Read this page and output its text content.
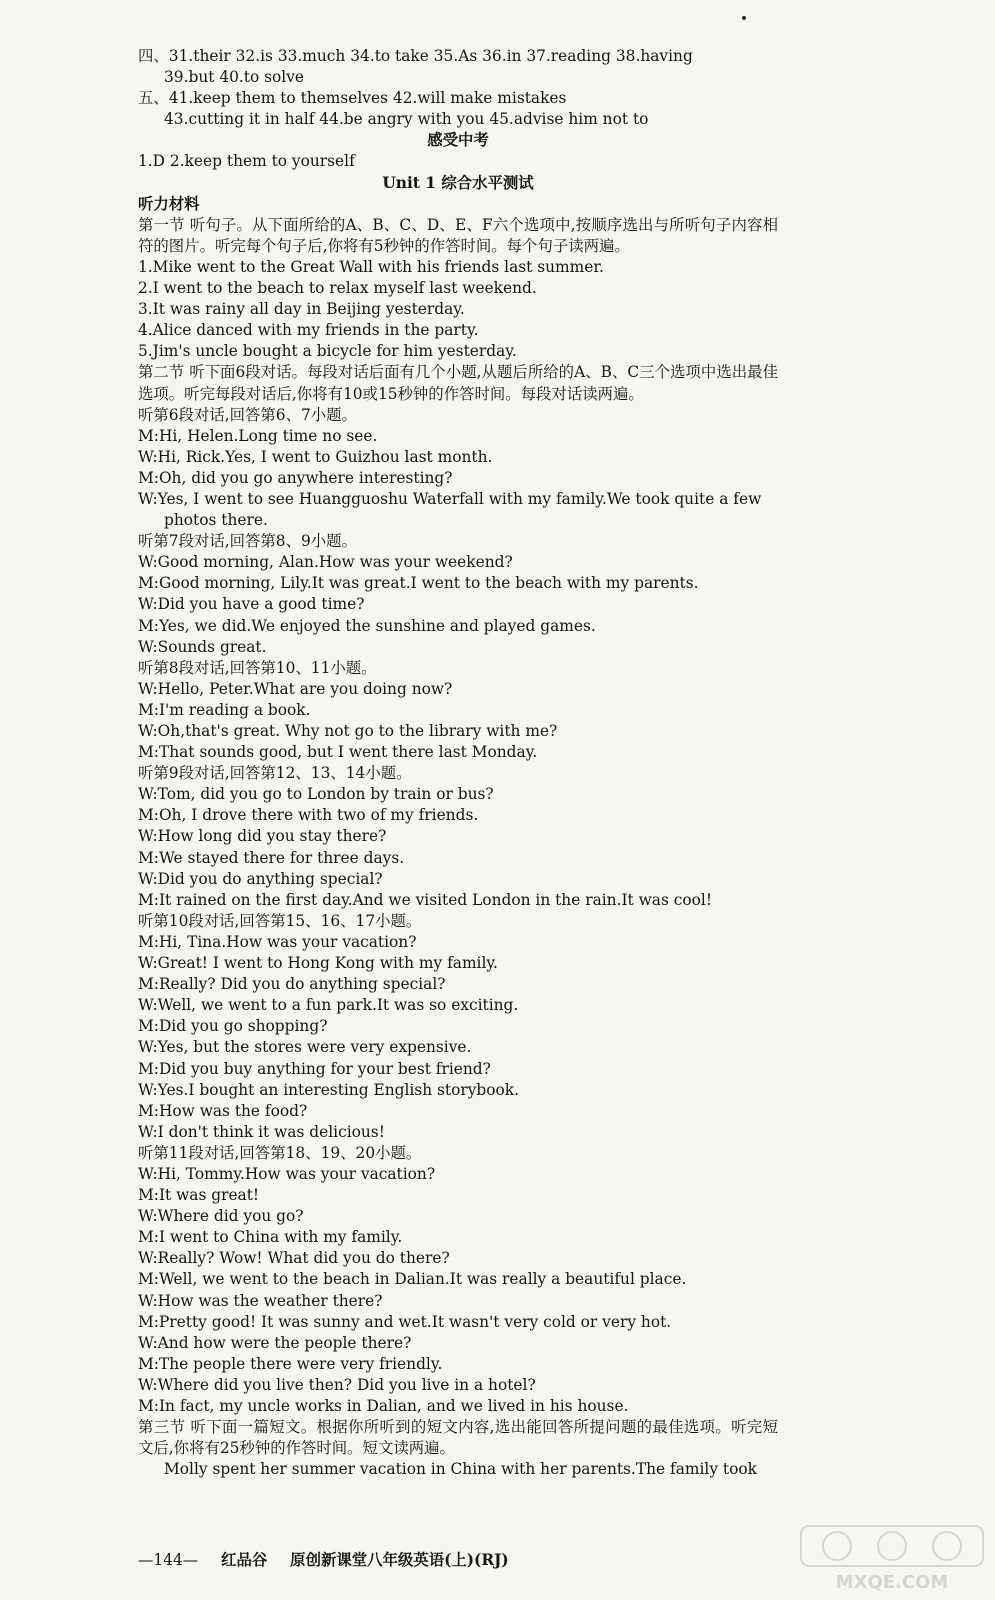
四、31.their 32.is 33.much 34.to take 35.As 36.in 37.reading 38.having
39.but 40.to solve
五、41.keep them to themselves 42.will make mistakes
43.cutting it in half 44.be angry with you 45.advise him not to
感受中考
1.D 2.keep them to yourself
Unit 1 综合水平测试
听力材料
第一节 听句子。从下面所给的A、B、C、D、E、F六个选项中,按顺序选出与所听句子内容相符的图片。听完每个句子后,你将有5秒钟的作答时间。每个句子读两遍。
1.Mike went to the Great Wall with his friends last summer.
2.I went to the beach to relax myself last weekend.
3.It was rainy all day in Beijing yesterday.
4.Alice danced with my friends in the party.
5.Jim's uncle bought a bicycle for him yesterday.
第二节 听下面6段对话。每段对话后面有几个小题,从题后所给的A、B、C三个选项中选出最佳选项。听完每段对话后,你将有10或15秒钟的作答时间。每段对话读两遍。
听第6段对话,回答第6、7小题。
M:Hi, Helen.Long time no see.
W:Hi, Rick.Yes, I went to Guizhou last month.
M:Oh, did you go anywhere interesting?
W:Yes, I went to see Huangguoshu Waterfall with my family.We took quite a few
photos there.
听第7段对话,回答第8、9小题。
W:Good morning, Alan.How was your weekend?
M:Good morning, Lily.It was great.I went to the beach with my parents.
W:Did you have a good time?
M:Yes, we did.We enjoyed the sunshine and played games.
W:Sounds great.
听第8段对话,回答第10、11小题。
W:Hello, Peter.What are you doing now?
M:I'm reading a book.
W:Oh,that's great. Why not go to the library with me?
M:That sounds good, but I went there last Monday.
听第9段对话,回答第12、13、14小题。
W:Tom, did you go to London by train or bus?
M:Oh, I drove there with two of my friends.
W:How long did you stay there?
M:We stayed there for three days.
W:Did you do anything special?
M:It rained on the first day.And we visited London in the rain.It was cool!
听第10段对话,回答第15、16、17小题。
M:Hi, Tina.How was your vacation?
W:Great! I went to Hong Kong with my family.
M:Really? Did you do anything special?
W:Well, we went to a fun park.It was so exciting.
M:Did you go shopping?
W:Yes, but the stores were very expensive.
M:Did you buy anything for your best friend?
W:Yes.I bought an interesting English storybook.
M:How was the food?
W:I don't think it was delicious!
听第11段对话,回答第18、19、20小题。
W:Hi, Tommy.How was your vacation?
M:It was great!
W:Where did you go?
M:I went to China with my family.
W:Really? Wow! What did you do there?
M:Well, we went to the beach in Dalian.It was really a beautiful place.
W:How was the weather there?
M:Pretty good! It was sunny and wet.It wasn't very cold or very hot.
W:And how were the people there?
M:The people there were very friendly.
W:Where did you live then? Did you live in a hotel?
M:In fact, my uncle works in Dalian, and we lived in his house.
第三节 听下面一篇短文。根据你所听到的短文内容,选出能回答所提问题的最佳选项。听完短文后,你将有25秒钟的作答时间。短文读两遍。
Molly spent her summer vacation in China with her parents.The family took
—144— 红品谷 原创新课堂八年级英语(上)(RJ)
MXQE.COM
